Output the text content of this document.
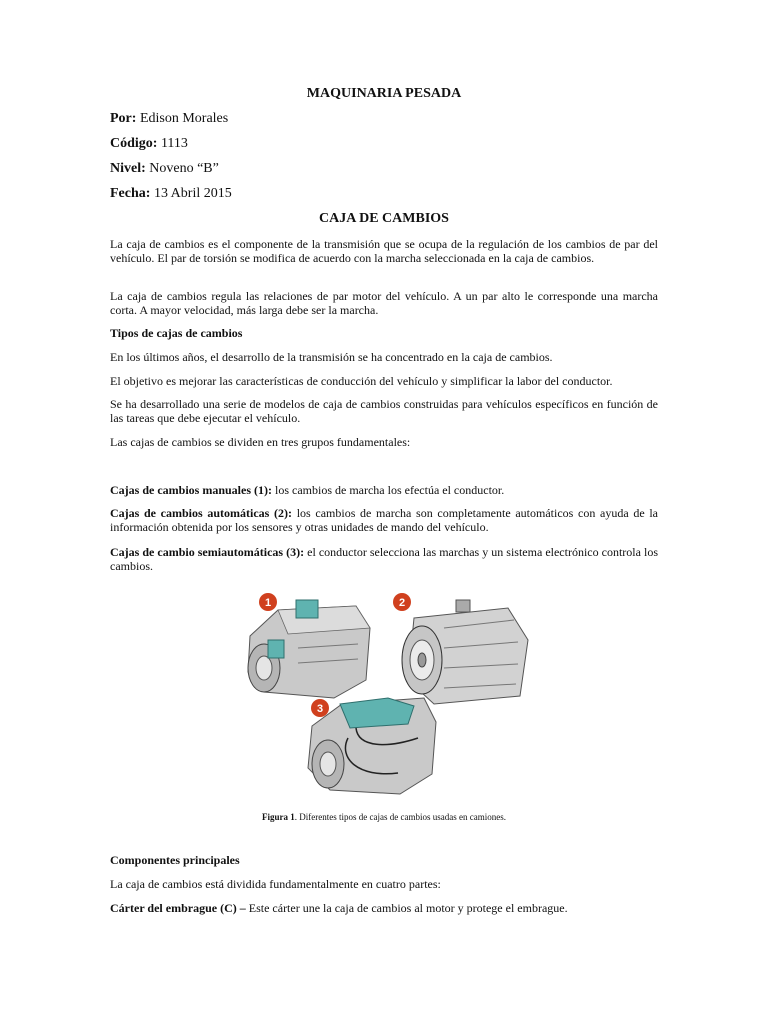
MAQUINARIA PESADA
Por: Edison Morales
Código: 1113
Nivel: Noveno “B”
Fecha: 13 Abril 2015
CAJA DE CAMBIOS
La caja de cambios es el componente de la transmisión que se ocupa de la regulación de los cambios de par del vehículo. El par de torsión se modifica de acuerdo con la marcha seleccionada en la caja de cambios.
La caja de cambios regula las relaciones de par motor del vehículo. A un par alto le corresponde una marcha corta. A mayor velocidad, más larga debe ser la marcha.
Tipos de cajas de cambios
En los últimos años, el desarrollo de la transmisión se ha concentrado en la caja de cambios.
El objetivo es mejorar las características de conducción del vehículo y simplificar la labor del conductor.
Se ha desarrollado una serie de modelos de caja de cambios construidas para vehículos específicos en función de las tareas que debe ejecutar el vehículo.
Las cajas de cambios se dividen en tres grupos fundamentales:
Cajas de cambios manuales (1): los cambios de marcha los efectúa el conductor.
Cajas de cambios automáticas (2): los cambios de marcha son completamente automáticos con ayuda de la información obtenida por los sensores y otras unidades de mando del vehículo.
Cajas de cambio semiautomáticas (3): el conductor selecciona las marchas y un sistema electrónico controla los cambios.
1	2
3
Figura 1. Diferentes tipos de cajas de cambios usadas en camiones.
Componentes principales
La caja de cambios está dividida fundamentalmente en cuatro partes:
Cárter del embrague (C) – Este cárter une la caja de cambios al motor y protege el embrague.
